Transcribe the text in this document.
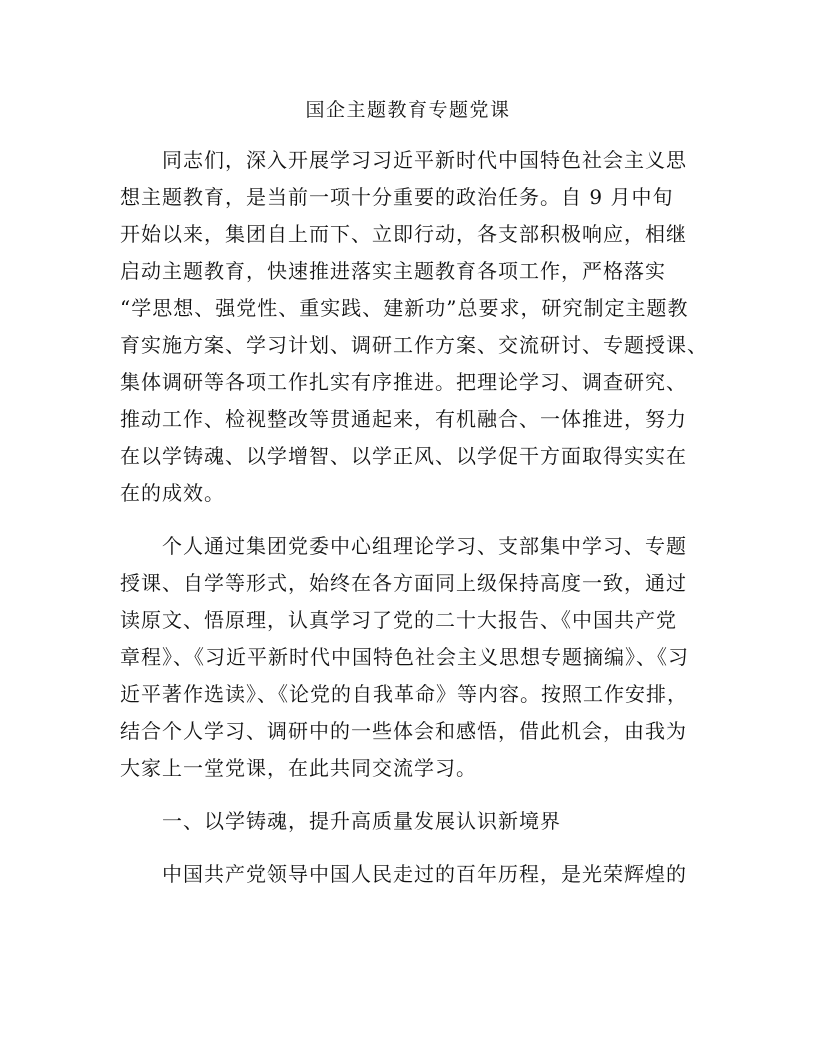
国企主题教育专题党课
　　同志们，深入开展学习习近平新时代中国特色社会主义思
想主题教育，是当前一项十分重要的政治任务。自 9 月中旬
开始以来，集团自上而下、立即行动，各支部积极响应，相继
启动主题教育，快速推进落实主题教育各项工作，严格落实
“学思想、强党性、重实践、建新功”总要求，研究制定主题教
育实施方案、学习计划、调研工作方案、交流研讨、专题授课、
集体调研等各项工作扎实有序推进。把理论学习、调查研究、
推动工作、检视整改等贯通起来，有机融合、一体推进，努力
在以学铸魂、以学增智、以学正风、以学促干方面取得实实在
在的成效。
　　个人通过集团党委中心组理论学习、支部集中学习、专题
授课、自学等形式，始终在各方面同上级保持高度一致，通过
读原文、悟原理，认真学习了党的二十大报告、《中国共产党
章程》、《习近平新时代中国特色社会主义思想专题摘编》、《习
近平著作选读》、《论党的自我革命》等内容。按照工作安排，
结合个人学习、调研中的一些体会和感悟，借此机会，由我为
大家上一堂党课，在此共同交流学习。
　　一、以学铸魂，提升高质量发展认识新境界
　　中国共产党领导中国人民走过的百年历程，是光荣辉煌的
